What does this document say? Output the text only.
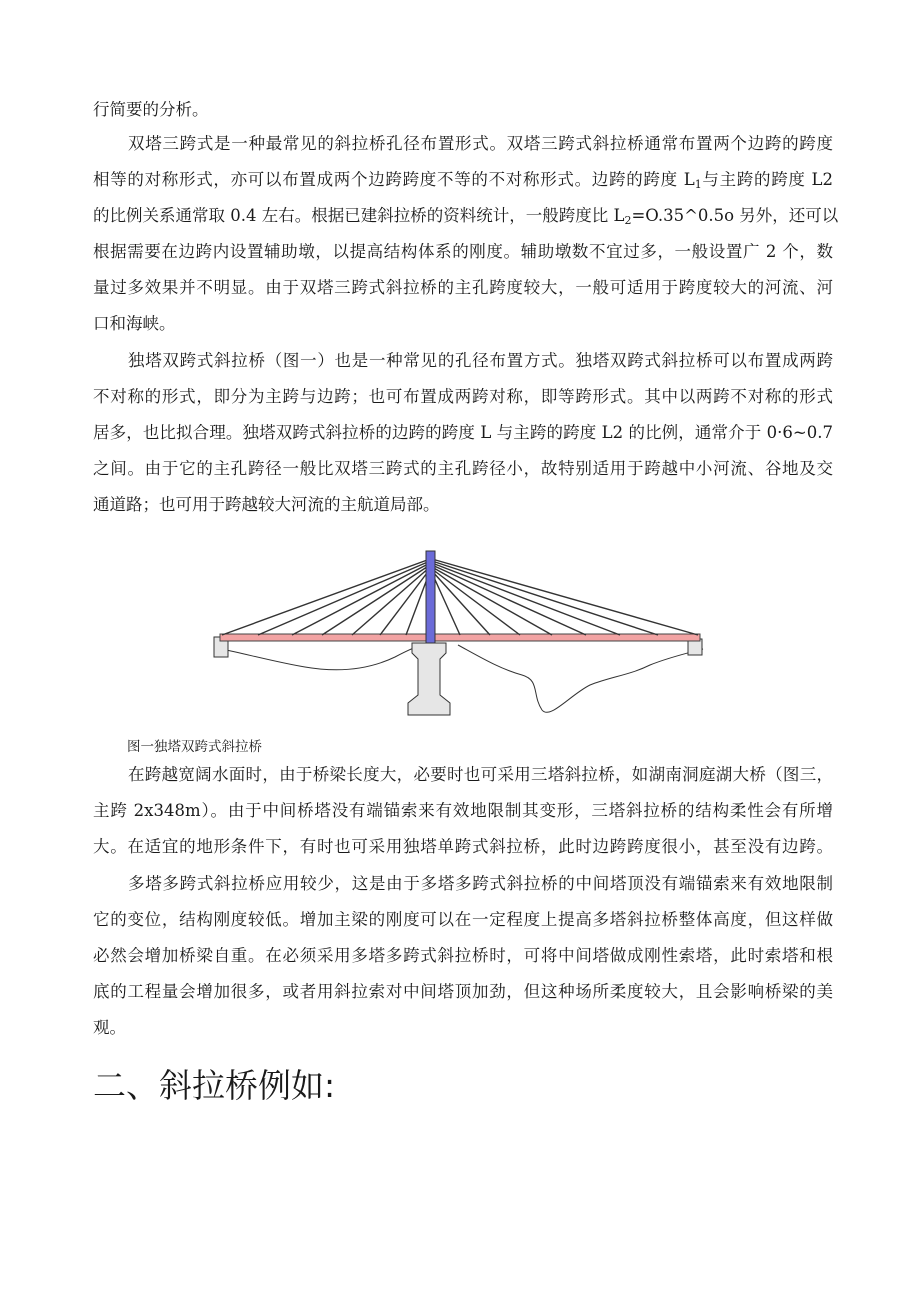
行简要的分析。
双塔三跨式是一种最常见的斜拉桥孔径布置形式。双塔三跨式斜拉桥通常布置两个边跨的跨度
相等的对称形式，亦可以布置成两个边跨跨度不等的不对称形式。边跨的跨度 $L_1$与主跨的跨度 L2
的比例关系通常取 0.4 左右。根据已建斜拉桥的资料统计，一般跨度比 $L_2=O.35\^{}0.5o$ 另外，还可以
根据需要在边跨内设置辅助墩，以提高结构体系的刚度。辅助墩数不宜过多，一般设置广 2 个，数
量过多效果并不明显。由于双塔三跨式斜拉桥的主孔跨度较大，一般可适用于跨度较大的河流、河
口和海峡。
独塔双跨式斜拉桥（图一）也是一种常见的孔径布置方式。独塔双跨式斜拉桥可以布置成两跨
不对称的形式，即分为主跨与边跨；也可布置成两跨对称，即等跨形式。其中以两跨不对称的形式
居多，也比拟合理。独塔双跨式斜拉桥的边跨的跨度 L 与主跨的跨度 L2 的比例，通常介于 0·6~0.7
之间。由于它的主孔跨径一般比双塔三跨式的主孔跨径小，故特别适用于跨越中小河流、谷地及交
通道路；也可用于跨越较大河流的主航道局部。
图一独塔双跨式斜拉桥
在跨越宽阔水面时，由于桥梁长度大，必要时也可采用三塔斜拉桥，如湖南洞庭湖大桥（图三，
主跨 2x348m）。由于中间桥塔没有端锚索来有效地限制其变形，三塔斜拉桥的结构柔性会有所增
大。在适宜的地形条件下，有时也可采用独塔单跨式斜拉桥，此时边跨跨度很小，甚至没有边跨。
多塔多跨式斜拉桥应用较少，这是由于多塔多跨式斜拉桥的中间塔顶没有端锚索来有效地限制
它的变位，结构刚度较低。增加主梁的刚度可以在一定程度上提高多塔斜拉桥整体高度，但这样做
必然会增加桥梁自重。在必须采用多塔多跨式斜拉桥时，可将中间塔做成刚性索塔，此时索塔和根
底的工程量会增加很多，或者用斜拉索对中间塔顶加劲，但这种场所柔度较大，且会影响桥梁的美
观。
二、斜拉桥例如:
